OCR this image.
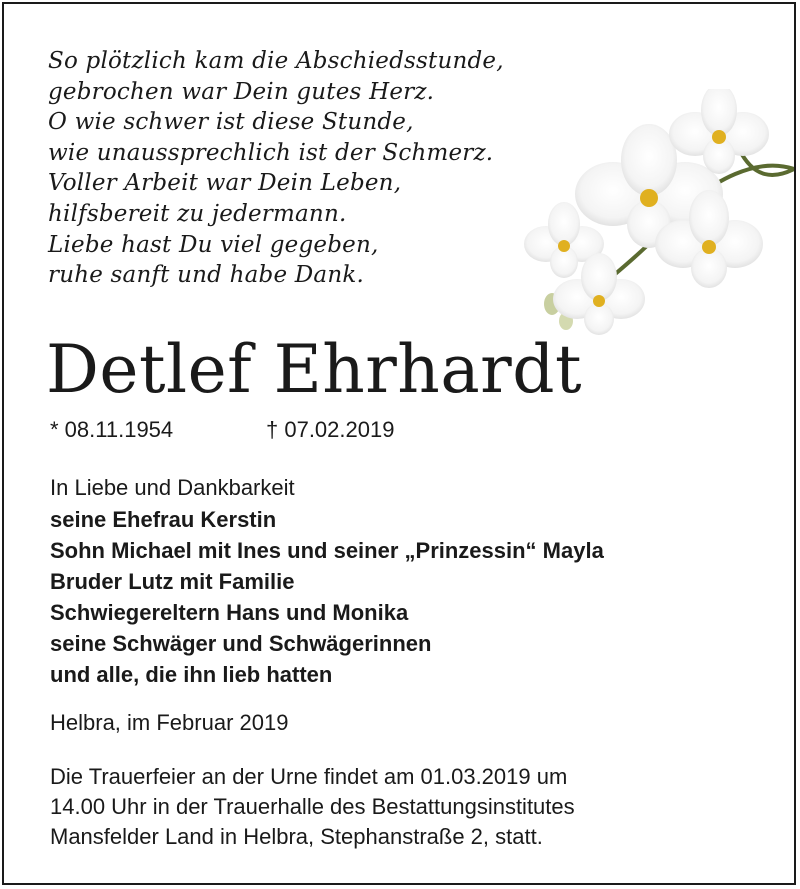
So plötzlich kam die Abschiedsstunde,
gebrochen war Dein gutes Herz.
O wie schwer ist diese Stunde,
wie unaussprechlich ist der Schmerz.
Voller Arbeit war Dein Leben,
hilfsbereit zu jedermann.
Liebe hast Du viel gegeben,
ruhe sanft und habe Dank.
Detlef Ehrhardt
* 08.11.1954	† 07.02.2019
In Liebe und Dankbarkeit
seine Ehefrau Kerstin
Sohn Michael mit Ines und seiner „Prinzessin“ Mayla
Bruder Lutz mit Familie
Schwiegereltern Hans und Monika
seine Schwäger und Schwägerinnen
und alle, die ihn lieb hatten
Helbra, im Februar 2019
Die Trauerfeier an der Urne findet am 01.03.2019 um
14.00 Uhr in der Trauerhalle des Bestattungsinstitutes
Mansfelder Land in Helbra, Stephanstraße 2, statt.
